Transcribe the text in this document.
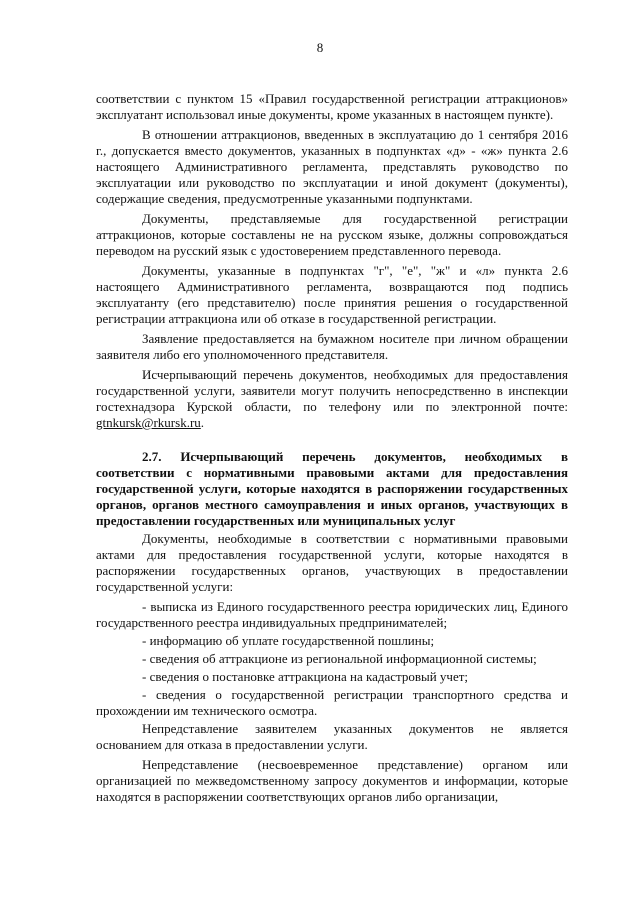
8

соответствии с пунктом 15 «Правил государственной регистрации аттракционов» эксплуатант использовал иные документы, кроме указанных в настоящем пункте).

В отношении аттракционов, введенных в эксплуатацию до 1 сентября 2016 г., допускается вместо документов, указанных в подпунктах «д» - «ж» пункта 2.6 настоящего Административного регламента, представлять руководство по эксплуатации или руководство по эксплуатации и иной документ (документы), содержащие сведения, предусмотренные указанными подпунктами.

Документы, представляемые для государственной регистрации аттракционов, которые составлены не на русском языке, должны сопровождаться переводом на русский язык с удостоверением представленного перевода.

Документы, указанные в подпунктах "г", "е", "ж" и «л» пункта 2.6 настоящего Административного регламента, возвращаются под подпись эксплуатанту (его представителю) после принятия решения о государственной регистрации аттракциона или об отказе в государственной регистрации.

Заявление предоставляется на бумажном носителе при личном обращении заявителя либо его уполномоченного представителя.

Исчерпывающий перечень документов, необходимых для предоставления государственной услуги, заявители могут получить непосредственно в инспекции гостехнадзора Курской области, по телефону или по электронной почте: gtnkursk@rkursk.ru.

2.7. Исчерпывающий перечень документов, необходимых в соответствии с нормативными правовыми актами для предоставления государственной услуги, которые находятся в распоряжении государственных органов, органов местного самоуправления и иных органов, участвующих в предоставлении государственных или муниципальных услуг

Документы, необходимые в соответствии с нормативными правовыми актами для предоставления государственной услуги, которые находятся в распоряжении государственных органов, участвующих в предоставлении государственной услуги:

- выписка из Единого государственного реестра юридических лиц, Единого государственного реестра индивидуальных предпринимателей;

- информацию об уплате государственной пошлины;

- сведения об аттракционе из региональной информационной системы;

- сведения о постановке аттракциона на кадастровый учет;

- сведения о государственной регистрации транспортного средства и прохождении им технического осмотра.

Непредставление заявителем указанных документов не является основанием для отказа в предоставлении услуги.

Непредставление (несвоевременное представление) органом или организацией по межведомственному запросу документов и информации, которые находятся в распоряжении соответствующих органов либо организации,
